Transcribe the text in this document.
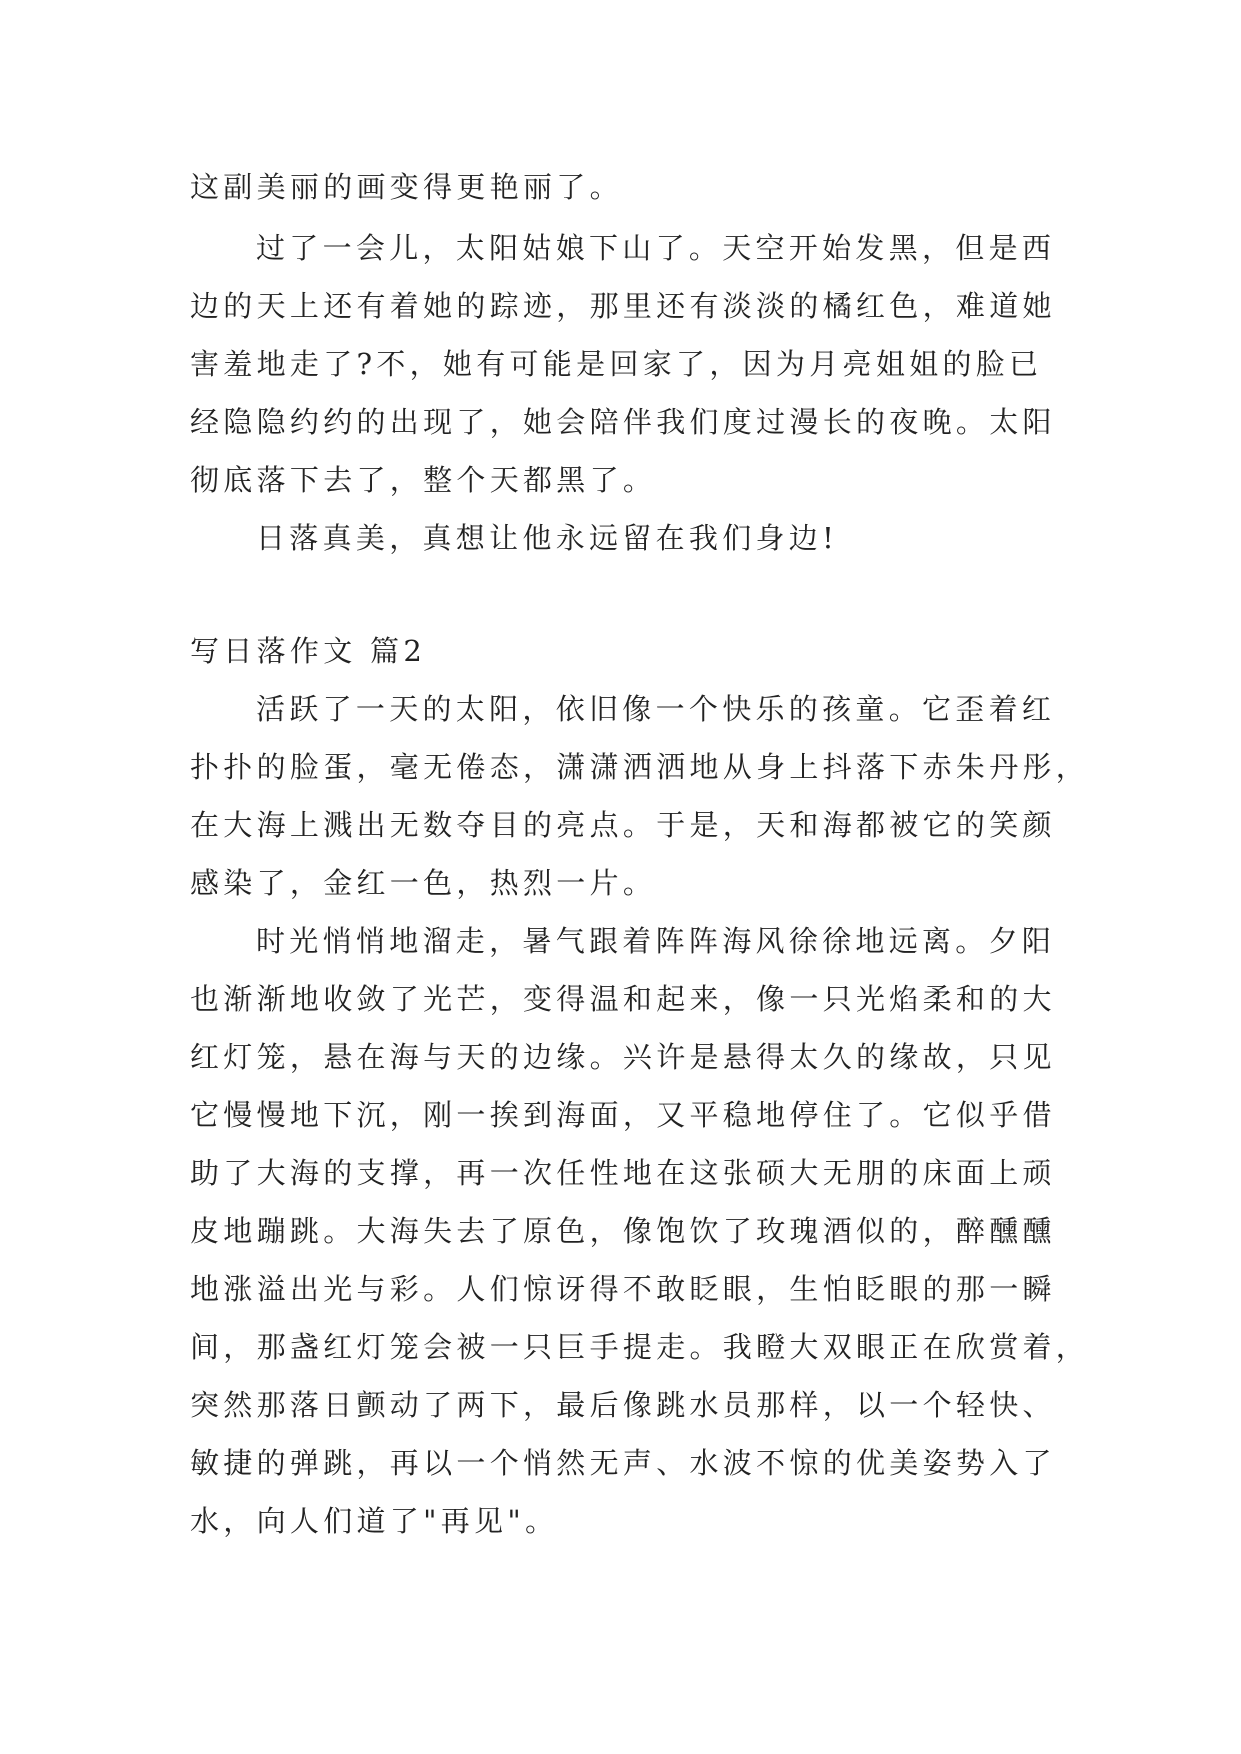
这副美丽的画变得更艳丽了。
过了一会儿，太阳姑娘下山了。天空开始发黑，但是西
边的天上还有着她的踪迹，那里还有淡淡的橘红色，难道她
害羞地走了?不，她有可能是回家了，因为月亮姐姐的脸已
经隐隐约约的出现了，她会陪伴我们度过漫长的夜晚。太阳
彻底落下去了，整个天都黑了。
日落真美，真想让他永远留在我们身边!
写日落作文 篇2
活跃了一天的太阳，依旧像一个快乐的孩童。它歪着红
扑扑的脸蛋，毫无倦态，潇潇洒洒地从身上抖落下赤朱丹彤，
在大海上溅出无数夺目的亮点。于是，天和海都被它的笑颜
感染了，金红一色，热烈一片。
时光悄悄地溜走，暑气跟着阵阵海风徐徐地远离。夕阳
也渐渐地收敛了光芒，变得温和起来，像一只光焰柔和的大
红灯笼，悬在海与天的边缘。兴许是悬得太久的缘故，只见
它慢慢地下沉，刚一挨到海面，又平稳地停住了。它似乎借
助了大海的支撑，再一次任性地在这张硕大无朋的床面上顽
皮地蹦跳。大海失去了原色，像饱饮了玫瑰酒似的，醉醺醺
地涨溢出光与彩。人们惊讶得不敢眨眼，生怕眨眼的那一瞬
间，那盏红灯笼会被一只巨手提走。我瞪大双眼正在欣赏着，
突然那落日颤动了两下，最后像跳水员那样，以一个轻快、
敏捷的弹跳，再以一个悄然无声、水波不惊的优美姿势入了
水，向人们道了"再见"。
